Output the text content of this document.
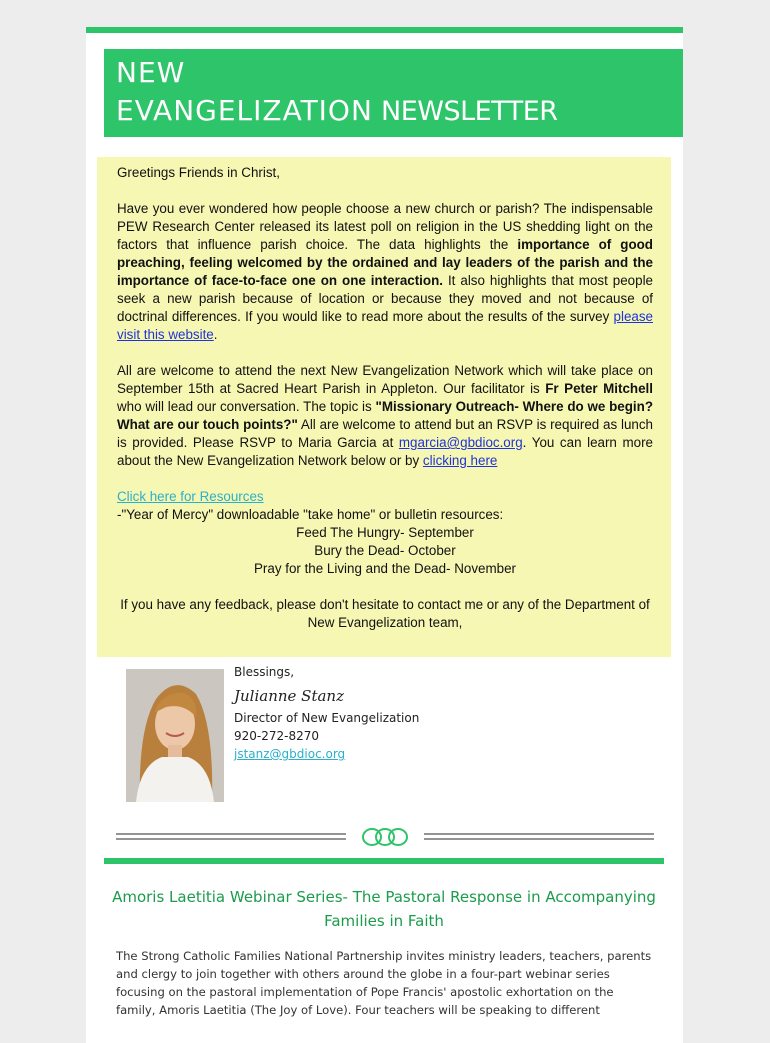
NEW
EVANGELIZATION NEWSLETTER

Greetings Friends in Christ,

Have you ever wondered how people choose a new church or parish? The indispensable PEW Research Center released its latest poll on religion in the US shedding light on the factors that influence parish choice. The data highlights the importance of good preaching, feeling welcomed by the ordained and lay leaders of the parish and the importance of face-to-face one on one interaction. It also highlights that most people seek a new parish because of location or because they moved and not because of doctrinal differences. If you would like to read more about the results of the survey please visit this website.

All are welcome to attend the next New Evangelization Network which will take place on September 15th at Sacred Heart Parish in Appleton. Our facilitator is Fr Peter Mitchell who will lead our conversation. The topic is "Missionary Outreach- Where do we begin? What are our touch points?" All are welcome to attend but an RSVP is required as lunch is provided. Please RSVP to Maria Garcia at mgarcia@gbdioc.org. You can learn more about the New Evangelization Network below or by clicking here

Click here for Resources
-"Year of Mercy" downloadable "take home" or bulletin resources:
Feed The Hungry- September
Bury the Dead- October
Pray for the Living and the Dead- November
If you have any feedback, please don't hesitate to contact me or any of the Department of New Evangelization team,
Blessings,
Julianne Stanz
Director of New Evangelization
920-272-8270
jstanz@gbdioc.org
Amoris Laetitia Webinar Series- The Pastoral Response in Accompanying Families in Faith
The Strong Catholic Families National Partnership invites ministry leaders, teachers, parents and clergy to join together with others around the globe in a four-part webinar series focusing on the pastoral implementation of Pope Francis' apostolic exhortation on the family, Amoris Laetitia (The Joy of Love). Four teachers will be speaking to different
